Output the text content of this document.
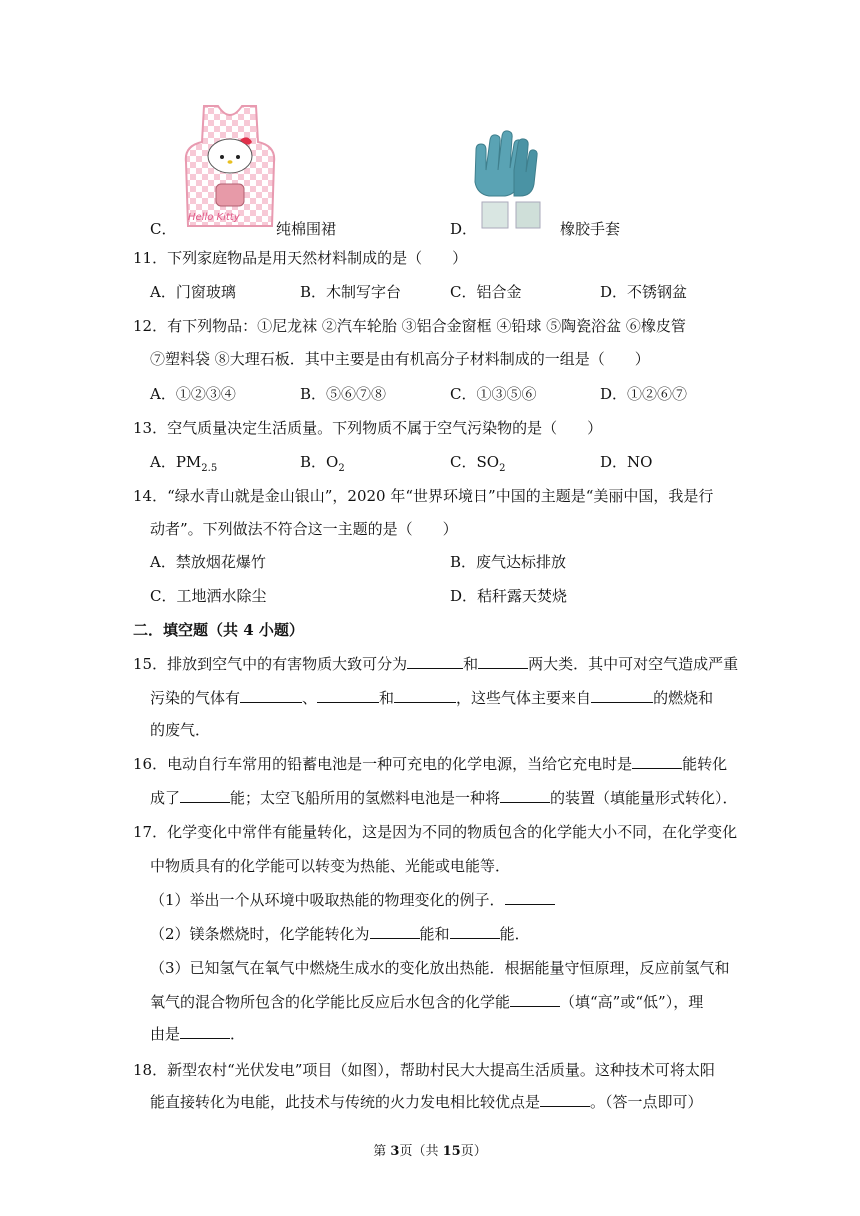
Hello Kitty
C．	纯棉围裙	D．	橡胶手套
11．下列家庭物品是用天然材料制成的是（　　）
A．门窗玻璃	B．木制写字台	C．铝合金	D．不锈钢盆
12．有下列物品：①尼龙袜 ②汽车轮胎 ③铝合金窗框 ④铅球 ⑤陶瓷浴盆 ⑥橡皮管
⑦塑料袋 ⑧大理石板．其中主要是由有机高分子材料制成的一组是（　　）
A．①②③④	B．⑤⑥⑦⑧	C．①③⑤⑥	D．①②⑥⑦
13．空气质量决定生活质量。下列物质不属于空气污染物的是（　　）
A．$PM_{2.5}$	B．$O_2$	C．$SO_2$	D．NO
14．“绿水青山就是金山银山”，2020 年“世界环境日”中国的主题是“美丽中国，我是行
动者”。下列做法不符合这一主题的是（　　）
A．禁放烟花爆竹	B．废气达标排放
C．工地洒水除尘	D．秸秆露天焚烧
二．填空题（共 4 小题）
15．排放到空气中的有害物质大致可分为	和	两大类．其中可对空气造成严重
污染的气体有	、	和	，这些气体主要来自	的燃烧和
的废气．
16．电动自行车常用的铅蓄电池是一种可充电的化学电源，当给它充电时是	能转化
成了	能；太空飞船所用的氢燃料电池是一种将	的装置（填能量形式转化）．
17．化学变化中常伴有能量转化，这是因为不同的物质包含的化学能大小不同，在化学变化
中物质具有的化学能可以转变为热能、光能或电能等．
（1）举出一个从环境中吸取热能的物理变化的例子．
（2）镁条燃烧时，化学能转化为	能和	能．
（3）已知氢气在氧气中燃烧生成水的变化放出热能．根据能量守恒原理，反应前氢气和
氧气的混合物所包含的化学能比反应后水包含的化学能	（填“高”或“低”），理
由是	．
18．新型农村“光伏发电”项目（如图），帮助村民大大提高生活质量。这种技术可将太阳
能直接转化为电能，此技术与传统的火力发电相比较优点是	。（答一点即可）
第 3页（共 15页）
